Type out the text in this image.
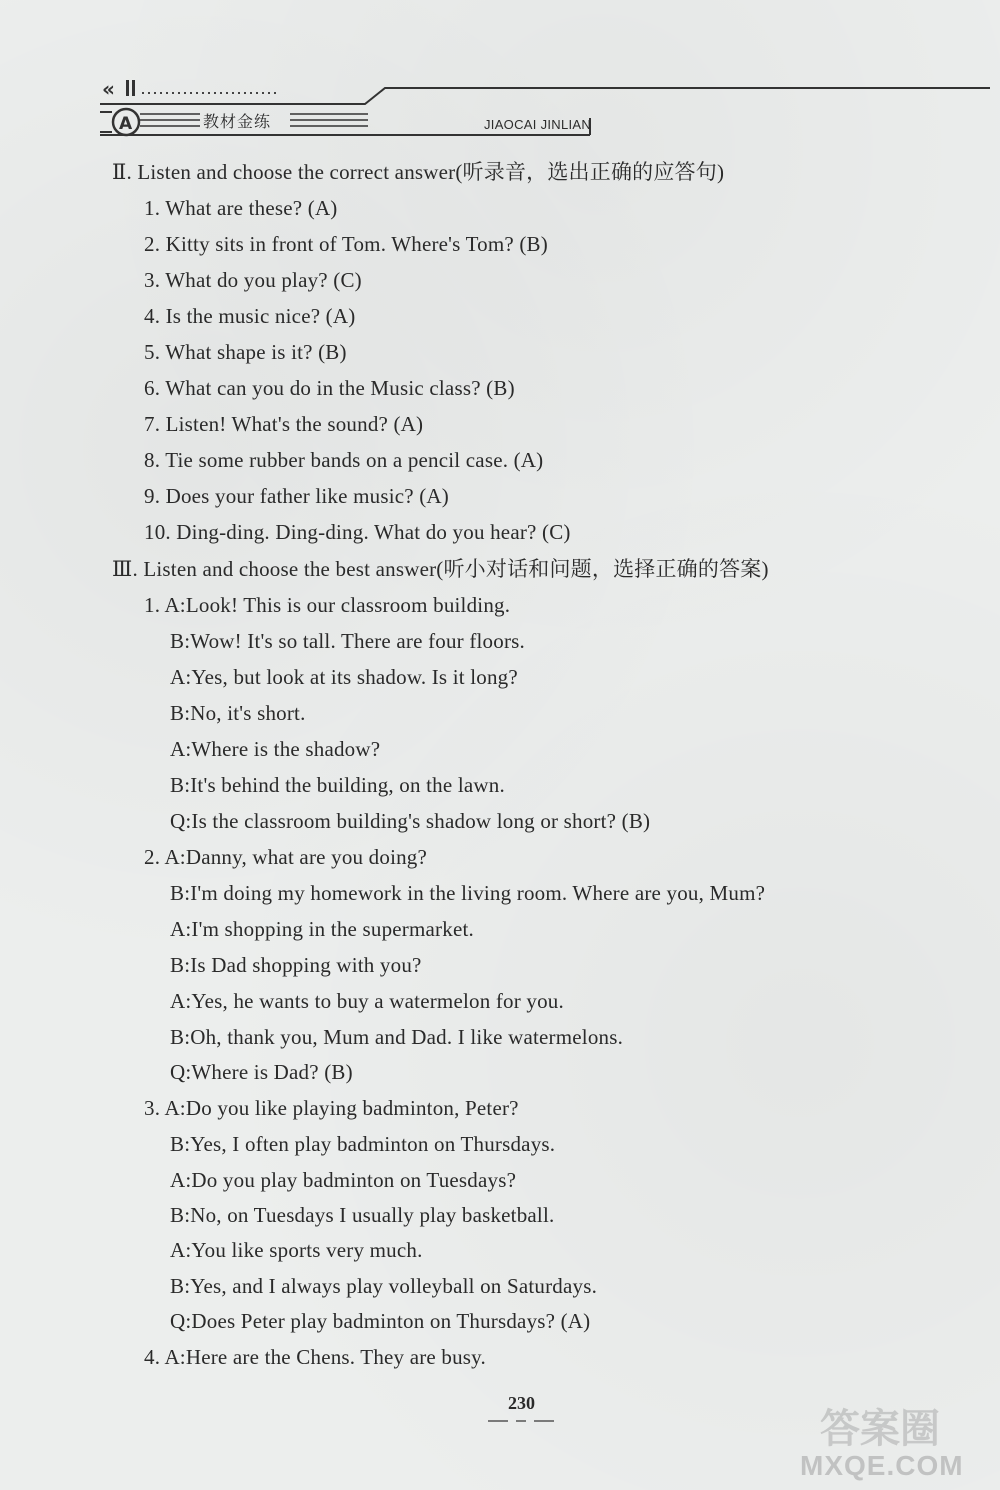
«
A	教材金练	JIAOCAI JINLIAN
Ⅱ. Listen and choose the correct answer(听录音，选出正确的应答句)
1. What are these? (A)
2. Kitty sits in front of Tom. Where's Tom? (B)
3. What do you play? (C)
4. Is the music nice? (A)
5. What shape is it? (B)
6. What can you do in the Music class? (B)
7. Listen! What's the sound? (A)
8. Tie some rubber bands on a pencil case. (A)
9. Does your father like music? (A)
10. Ding-ding. Ding-ding. What do you hear? (C)
Ⅲ. Listen and choose the best answer(听小对话和问题，选择正确的答案)
1. A:Look! This is our classroom building.
B:Wow! It's so tall. There are four floors.
A:Yes, but look at its shadow. Is it long?
B:No, it's short.
A:Where is the shadow?
B:It's behind the building, on the lawn.
Q:Is the classroom building's shadow long or short? (B)
2. A:Danny, what are you doing?
B:I'm doing my homework in the living room. Where are you, Mum?
A:I'm shopping in the supermarket.
B:Is Dad shopping with you?
A:Yes, he wants to buy a watermelon for you.
B:Oh, thank you, Mum and Dad. I like watermelons.
Q:Where is Dad? (B)
3. A:Do you like playing badminton, Peter?
B:Yes, I often play badminton on Thursdays.
A:Do you play badminton on Tuesdays?
B:No, on Tuesdays I usually play basketball.
A:You like sports very much.
B:Yes, and I always play volleyball on Saturdays.
Q:Does Peter play badminton on Thursdays? (A)
4. A:Here are the Chens. They are busy.
230
答案圈
MXQE.COM
